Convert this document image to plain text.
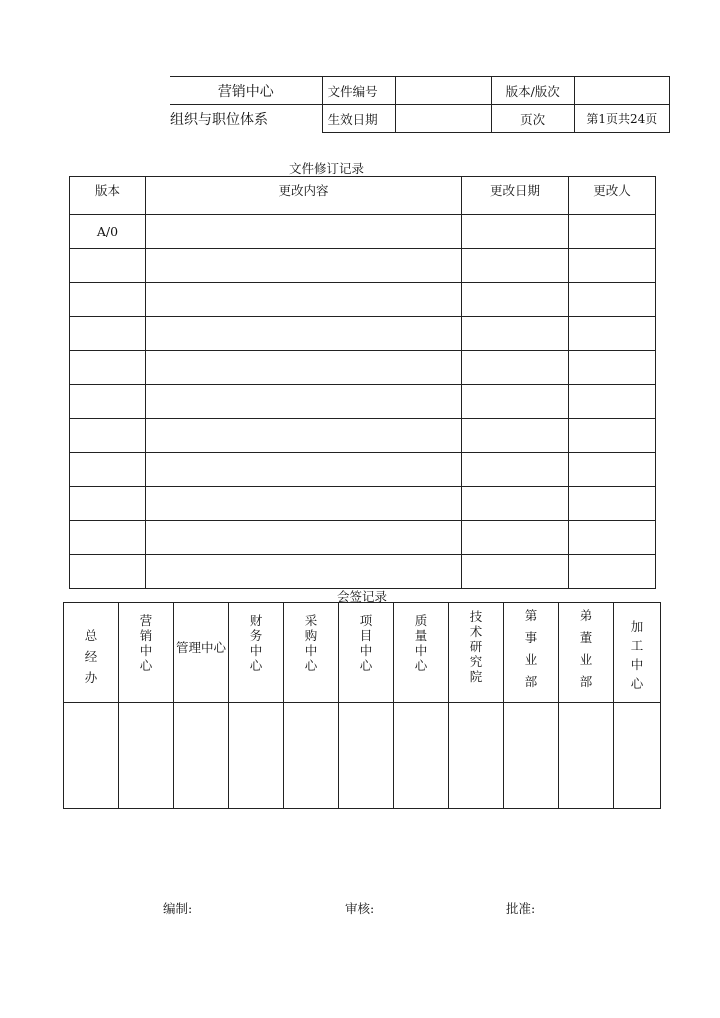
营销中心	文件编号		版本/版次	
组织与职位体系	生效日期		页次	第1页共24页
文件修订记录
版本	更改内容	更改日期	更改人
A/0			

会签记录
总经办	营销中心	管理中心	财务中心	采购中心	项目中心	质量中心	技术研究院	第事业部	弟董业部	加工中心

编制:	审核:	批准:
